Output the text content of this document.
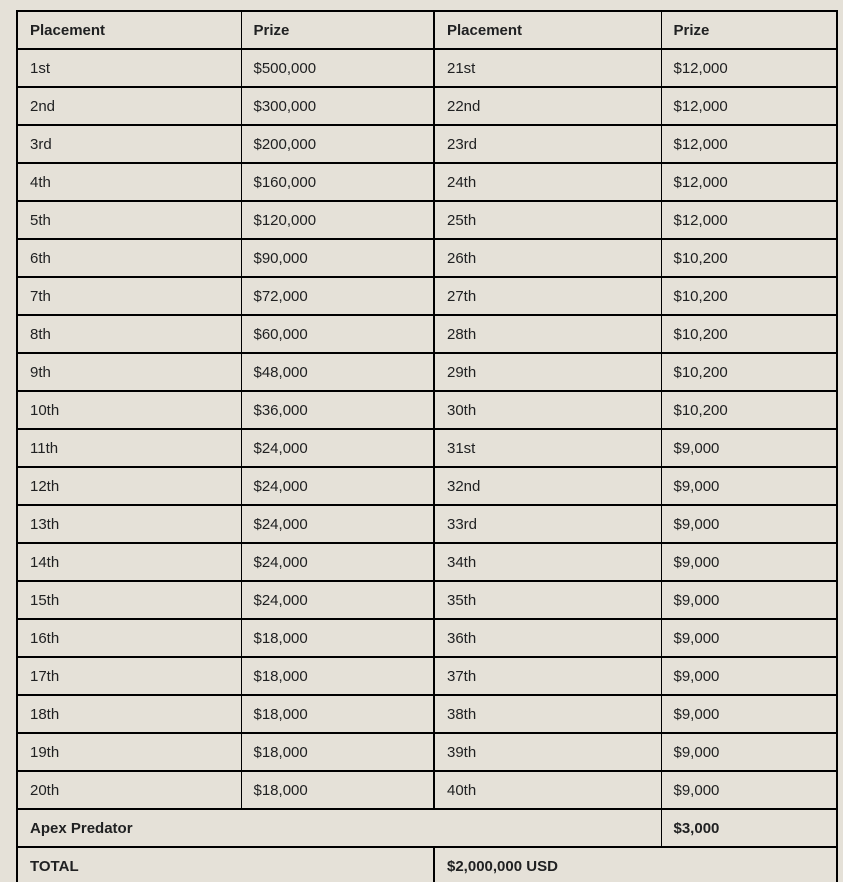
Placement	Prize	Placement	Prize
1st	$500,000	21st	$12,000
2nd	$300,000	22nd	$12,000
3rd	$200,000	23rd	$12,000
4th	$160,000	24th	$12,000
5th	$120,000	25th	$12,000
6th	$90,000	26th	$10,200
7th	$72,000	27th	$10,200
8th	$60,000	28th	$10,200
9th	$48,000	29th	$10,200
10th	$36,000	30th	$10,200
11th	$24,000	31st	$9,000
12th	$24,000	32nd	$9,000
13th	$24,000	33rd	$9,000
14th	$24,000	34th	$9,000
15th	$24,000	35th	$9,000
16th	$18,000	36th	$9,000
17th	$18,000	37th	$9,000
18th	$18,000	38th	$9,000
19th	$18,000	39th	$9,000
20th	$18,000	40th	$9,000
Apex Predator			$3,000
TOTAL		$2,000,000 USD	
